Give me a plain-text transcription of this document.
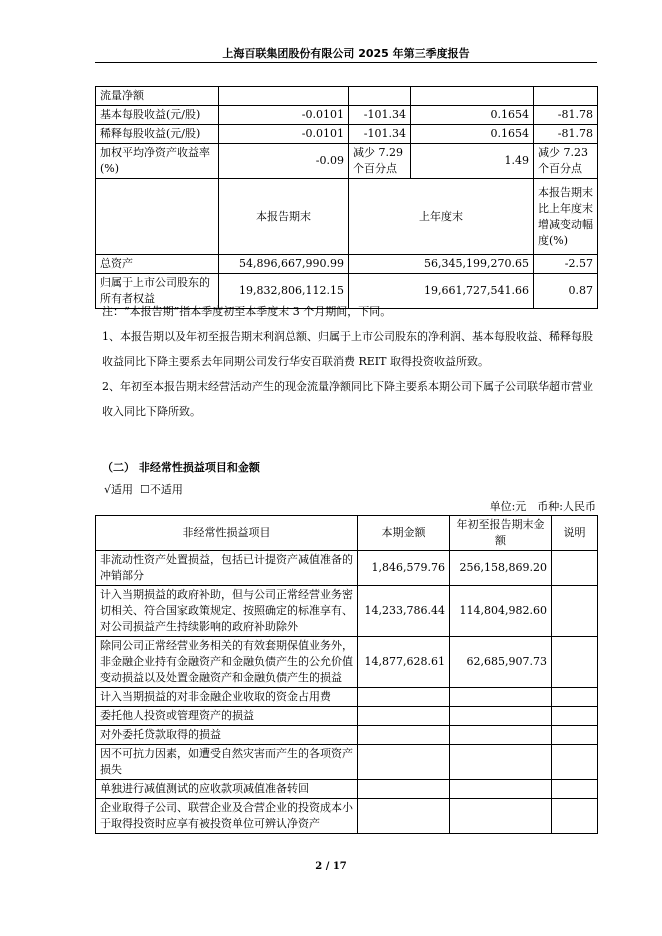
上海百联集团股份有限公司 2025 年第三季度报告
流量净额				
基本每股收益(元/股)	-0.0101	-101.34	0.1654	-81.78
稀释每股收益(元/股)	-0.0101	-101.34	0.1654	-81.78
加权平均净资产收益率 (%)	-0.09	减少 7.29 个百分点	1.49	减少 7.23 个百分点
	本报告期末	上年度末		本报告期末比上年度末增减变动幅度(%)
总资产	54,896,667,990.99	56,345,199,270.65		-2.57
归属于上市公司股东的所有者权益	19,832,806,112.15	19,661,727,541.66		0.87
注：“本报告期”指本季度初至本季度末 3 个月期间，下同。
1、本报告期以及年初至报告期末利润总额、归属于上市公司股东的净利润、基本每股收益、稀释每股收益同比下降主要系去年同期公司发行华安百联消费 REIT 取得投资收益所致。
2、年初至本报告期末经营活动产生的现金流量净额同比下降主要系本期公司下属子公司联华超市营业收入同比下降所致。
（二） 非经常性损益项目和金额
√适用 ☐不适用
单位:元　币种:人民币
非经常性损益项目	本期金额	年初至报告期末金额	说明
非流动性资产处置损益，包括已计提资产减值准备的冲销部分	1,846,579.76	256,158,869.20	
计入当期损益的政府补助，但与公司正常经营业务密切相关、符合国家政策规定、按照确定的标准享有、对公司损益产生持续影响的政府补助除外	14,233,786.44	114,804,982.60	
除同公司正常经营业务相关的有效套期保值业务外，非金融企业持有金融资产和金融负债产生的公允价值变动损益以及处置金融资产和金融负债产生的损益	14,877,628.61	62,685,907.73	
计入当期损益的对非金融企业收取的资金占用费			
委托他人投资或管理资产的损益			
对外委托贷款取得的损益			
因不可抗力因素，如遭受自然灾害而产生的各项资产损失			
单独进行减值测试的应收款项减值准备转回			
企业取得子公司、联营企业及合营企业的投资成本小于取得投资时应享有被投资单位可辨认净资产			
2 / 17
